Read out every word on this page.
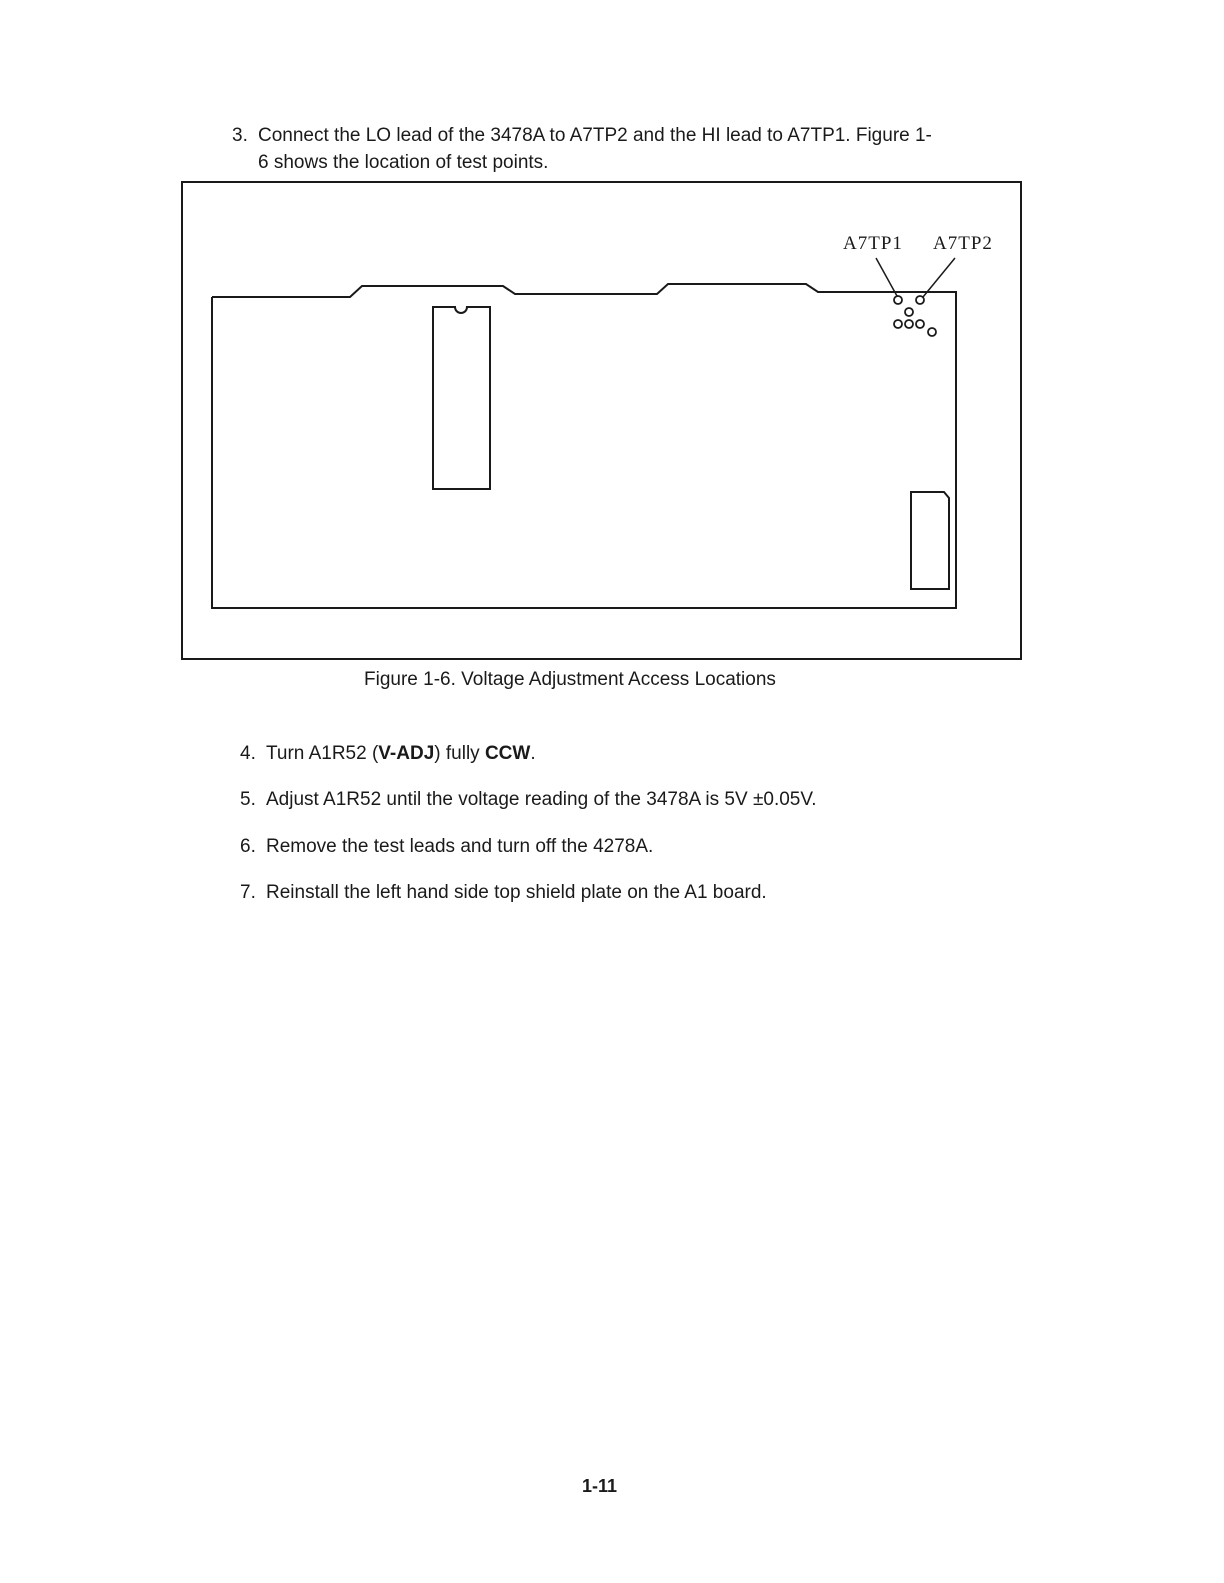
3. Connect the LO lead of the 3478A to A7TP2 and the HI lead to A7TP1. Figure 1-
6 shows the location of test points.
A7TP1 A7TP2
Figure 1-6. Voltage Adjustment Access Locations
4. Turn A1R52 (V-ADJ) fully CCW.
5. Adjust A1R52 until the voltage reading of the 3478A is 5V ±0.05V.
6. Remove the test leads and turn off the 4278A.
7. Reinstall the left hand side top shield plate on the A1 board.
1-11
